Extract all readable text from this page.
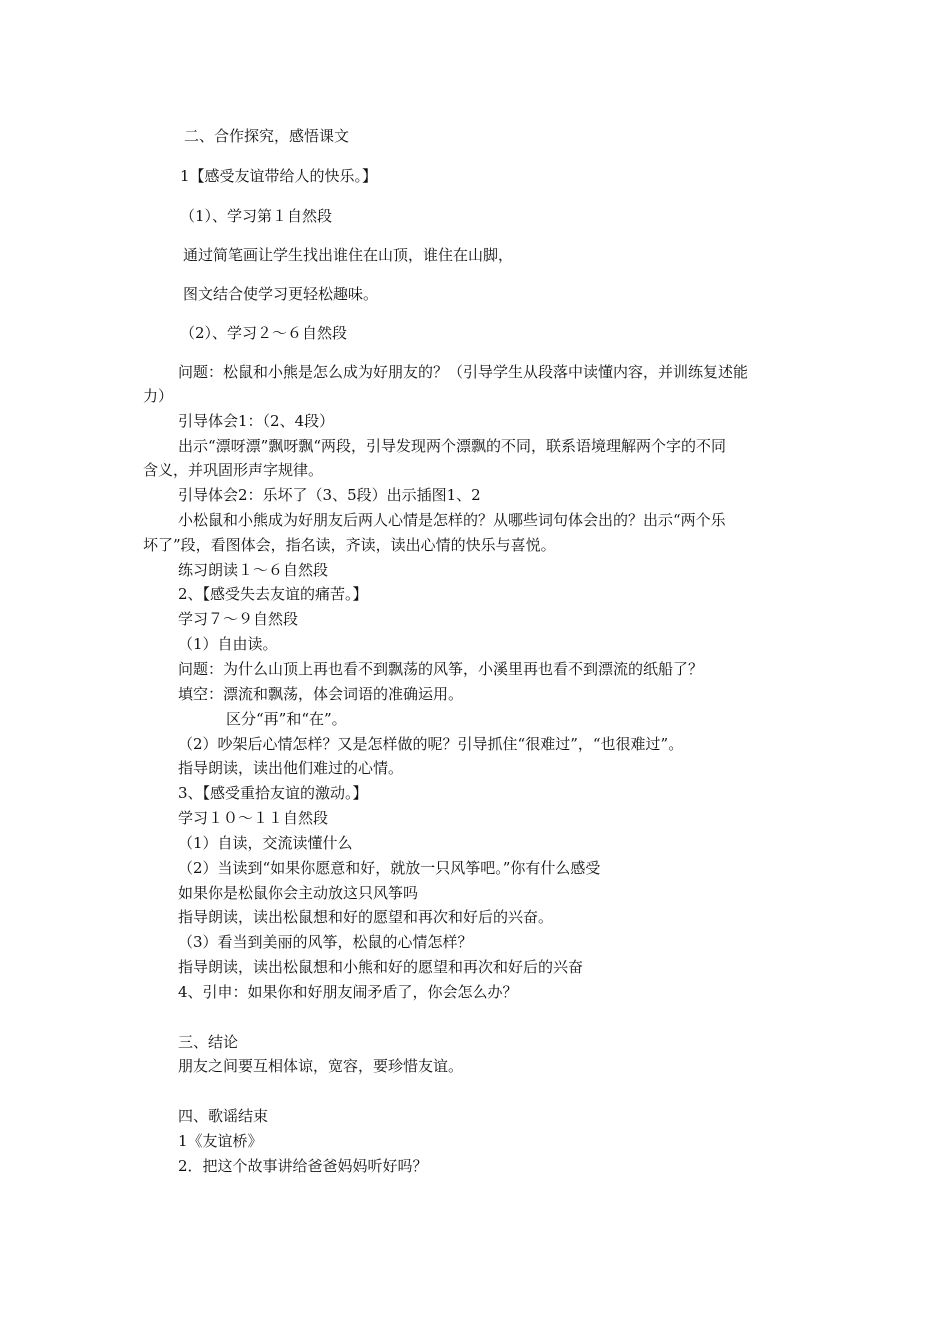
二、合作探究，感悟课文
1【感受友谊带给人的快乐。】
（1）、学习第１自然段
通过简笔画让学生找出谁住在山顶，谁住在山脚，
图文结合使学习更轻松趣味。
（2）、学习２～６自然段
问题：松鼠和小熊是怎么成为好朋友的？（引导学生从段落中读懂内容，并训练复述能
力）
引导体会1：（2、4段）
出示“漂呀漂”飘呀飘“两段，引导发现两个漂飘的不同，联系语境理解两个字的不同
含义，并巩固形声字规律。
引导体会2：乐坏了（3、5段）出示插图1、2
小松鼠和小熊成为好朋友后两人心情是怎样的？从哪些词句体会出的？出示“两个乐
坏了”段，看图体会，指名读，齐读，读出心情的快乐与喜悦。
练习朗读１～６自然段
2、【感受失去友谊的痛苦。】
学习７～９自然段
（1）自由读。
问题：为什么山顶上再也看不到飘荡的风筝，小溪里再也看不到漂流的纸船了？
填空：漂流和飘荡，体会词语的准确运用。
区分“再”和“在”。
（2）吵架后心情怎样？又是怎样做的呢？引导抓住“很难过”，“也很难过”。
指导朗读，读出他们难过的心情。
3、【感受重拾友谊的激动。】
学习１０～１１自然段
（1）自读，交流读懂什么
（2）当读到“如果你愿意和好，就放一只风筝吧。”你有什么感受
如果你是松鼠你会主动放这只风筝吗
指导朗读，读出松鼠想和好的愿望和再次和好后的兴奋。
（3）看当到美丽的风筝，松鼠的心情怎样？
指导朗读，读出松鼠想和小熊和好的愿望和再次和好后的兴奋
4、引申：如果你和好朋友闹矛盾了，你会怎么办？
三、结论
朋友之间要互相体谅，宽容，要珍惜友谊。
四、歌谣结束
1《友谊桥》
2．把这个故事讲给爸爸妈妈听好吗？
